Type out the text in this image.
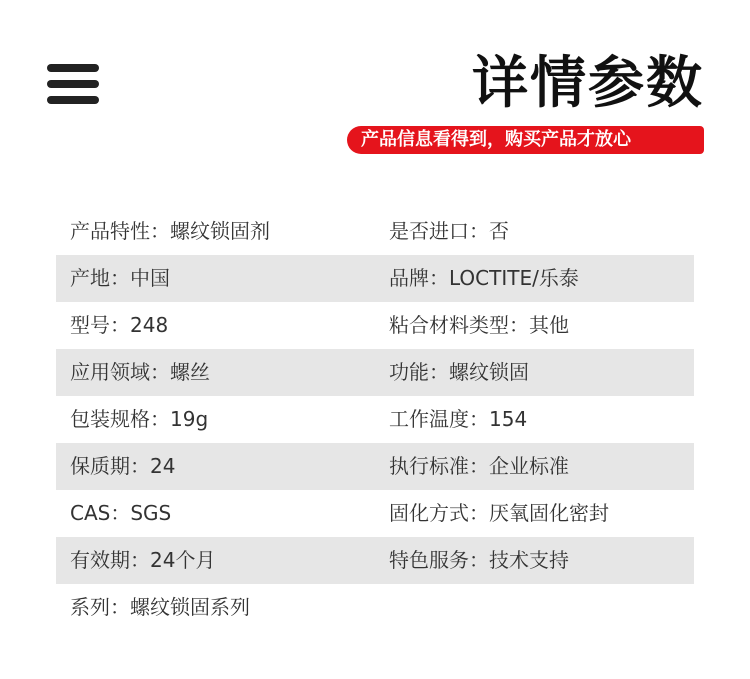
详情参数
产品信息看得到，购买产品才放心
产品特性：螺纹锁固剂	是否进口：否
产地：中国	品牌：LOCTITE/乐泰
型号：248	粘合材料类型：其他
应用领域：螺丝	功能：螺纹锁固
包装规格：19g	工作温度：154
保质期：24	执行标准：企业标准
CAS：SGS	固化方式：厌氧固化密封
有效期：24个月	特色服务：技术支持
系列：螺纹锁固系列
